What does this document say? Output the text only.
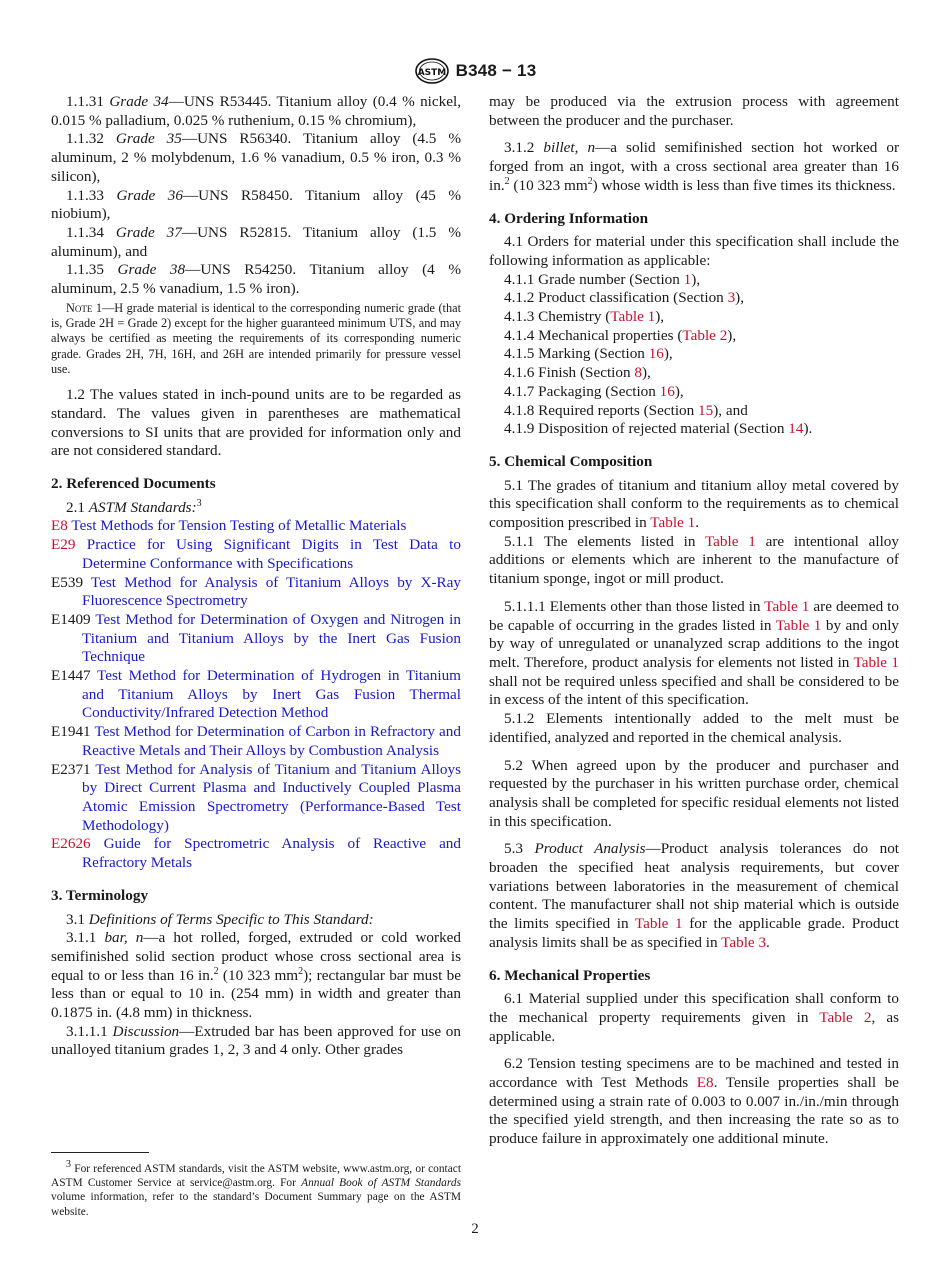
ASTM B348 − 13

1.1.31 Grade 34—UNS R53445. Titanium alloy (0.4 % nickel, 0.015 % palladium, 0.025 % ruthenium, 0.15 % chromium),

1.1.32 Grade 35—UNS R56340. Titanium alloy (4.5 % aluminum, 2 % molybdenum, 1.6 % vanadium, 0.5 % iron, 0.3 % silicon),

1.1.33 Grade 36—UNS R58450. Titanium alloy (45 % niobium),

1.1.34 Grade 37—UNS R52815. Titanium alloy (1.5 % aluminum), and

1.1.35 Grade 38—UNS R54250. Titanium alloy (4 % aluminum, 2.5 % vanadium, 1.5 % iron).

Note 1—H grade material is identical to the corresponding numeric grade (that is, Grade 2H = Grade 2) except for the higher guaranteed minimum UTS, and may always be certified as meeting the requirements of its corresponding numeric grade. Grades 2H, 7H, 16H, and 26H are intended primarily for pressure vessel use.

1.2 The values stated in inch-pound units are to be regarded as standard. The values given in parentheses are mathematical conversions to SI units that are provided for information only and are not considered standard.

2. Referenced Documents

2.1 ASTM Standards:$^3$

E8 Test Methods for Tension Testing of Metallic Materials

E29 Practice for Using Significant Digits in Test Data to Determine Conformance with Specifications

E539 Test Method for Analysis of Titanium Alloys by X-Ray Fluorescence Spectrometry

E1409 Test Method for Determination of Oxygen and Nitrogen in Titanium and Titanium Alloys by the Inert Gas Fusion Technique

E1447 Test Method for Determination of Hydrogen in Titanium and Titanium Alloys by Inert Gas Fusion Thermal Conductivity/Infrared Detection Method

E1941 Test Method for Determination of Carbon in Refractory and Reactive Metals and Their Alloys by Combustion Analysis

E2371 Test Method for Analysis of Titanium and Titanium Alloys by Direct Current Plasma and Inductively Coupled Plasma Atomic Emission Spectrometry (Performance-Based Test Methodology)

E2626 Guide for Spectrometric Analysis of Reactive and Refractory Metals

3. Terminology

3.1 Definitions of Terms Specific to This Standard:

3.1.1 bar, n—a hot rolled, forged, extruded or cold worked semifinished solid section product whose cross sectional area is equal to or less than 16 in.$^2$ (10 323 $mm^2$); rectangular bar must be less than or equal to 10 in. (254 mm) in width and greater than 0.1875 in. (4.8 mm) in thickness.

3.1.1.1 Discussion—Extruded bar has been approved for use on unalloyed titanium grades 1, 2, 3 and 4 only. Other grades

$^3$ For referenced ASTM standards, visit the ASTM website, www.astm.org, or contact ASTM Customer Service at service@astm.org. For Annual Book of ASTM Standards volume information, refer to the standard’s Document Summary page on the ASTM website.

may be produced via the extrusion process with agreement between the producer and the purchaser.

3.1.2 billet, n—a solid semifinished section hot worked or forged from an ingot, with a cross sectional area greater than 16 in.$^2$ (10 323 $mm^2$) whose width is less than five times its thickness.

4. Ordering Information

4.1 Orders for material under this specification shall include the following information as applicable:

4.1.1 Grade number (Section 1),

4.1.2 Product classification (Section 3),

4.1.3 Chemistry (Table 1),

4.1.4 Mechanical properties (Table 2),

4.1.5 Marking (Section 16),

4.1.6 Finish (Section 8),

4.1.7 Packaging (Section 16),

4.1.8 Required reports (Section 15), and

4.1.9 Disposition of rejected material (Section 14).

5. Chemical Composition

5.1 The grades of titanium and titanium alloy metal covered by this specification shall conform to the requirements as to chemical composition prescribed in Table 1.

5.1.1 The elements listed in Table 1 are intentional alloy additions or elements which are inherent to the manufacture of titanium sponge, ingot or mill product.

5.1.1.1 Elements other than those listed in Table 1 are deemed to be capable of occurring in the grades listed in Table 1 by and only by way of unregulated or unanalyzed scrap additions to the ingot melt. Therefore, product analysis for elements not listed in Table 1 shall not be required unless specified and shall be considered to be in excess of the intent of this specification.

5.1.2 Elements intentionally added to the melt must be identified, analyzed and reported in the chemical analysis.

5.2 When agreed upon by the producer and purchaser and requested by the purchaser in his written purchase order, chemical analysis shall be completed for specific residual elements not listed in this specification.

5.3 Product Analysis—Product analysis tolerances do not broaden the specified heat analysis requirements, but cover variations between laboratories in the measurement of chemical content. The manufacturer shall not ship material which is outside the limits specified in Table 1 for the applicable grade. Product analysis limits shall be as specified in Table 3.

6. Mechanical Properties

6.1 Material supplied under this specification shall conform to the mechanical property requirements given in Table 2, as applicable.

6.2 Tension testing specimens are to be machined and tested in accordance with Test Methods E8. Tensile properties shall be determined using a strain rate of 0.003 to 0.007 in./in./min through the specified yield strength, and then increasing the rate so as to produce failure in approximately one additional minute.

2
